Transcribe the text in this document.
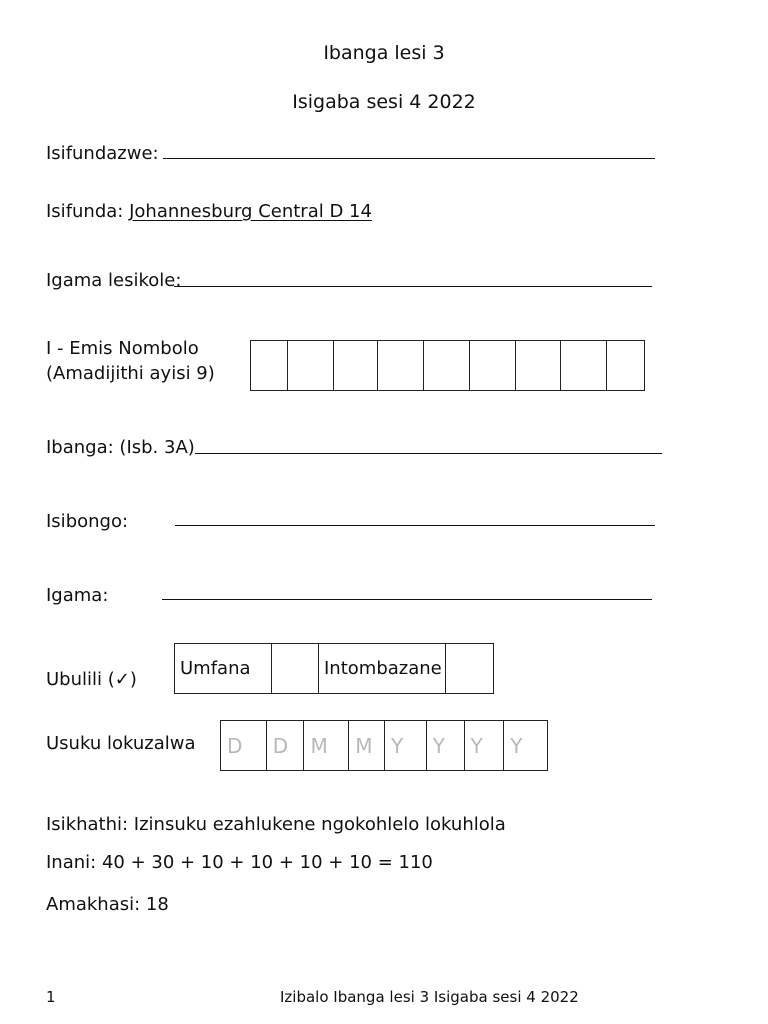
Ibanga lesi 3
Isigaba sesi 4 2022
Isifundazwe:
Isifunda: Johannesburg Central D 14
Igama lesikole:
I - Emis Nombolo
(Amadijithi ayisi 9)
Ibanga: (Isb. 3A)
Isibongo:
Igama:
Ubulili (✓)
Umfana	Intombazane
Usuku lokuzalwa	D	D	M	M Y	Y	Y	Y
Isikhathi: Izinsuku ezahlukene ngokohlelo lokuhlola
Inani: 40 + 30 + 10 + 10 + 10 + 10 = 110
Amakhasi: 18
1	Izibalo Ibanga lesi 3 Isigaba sesi 4 2022
